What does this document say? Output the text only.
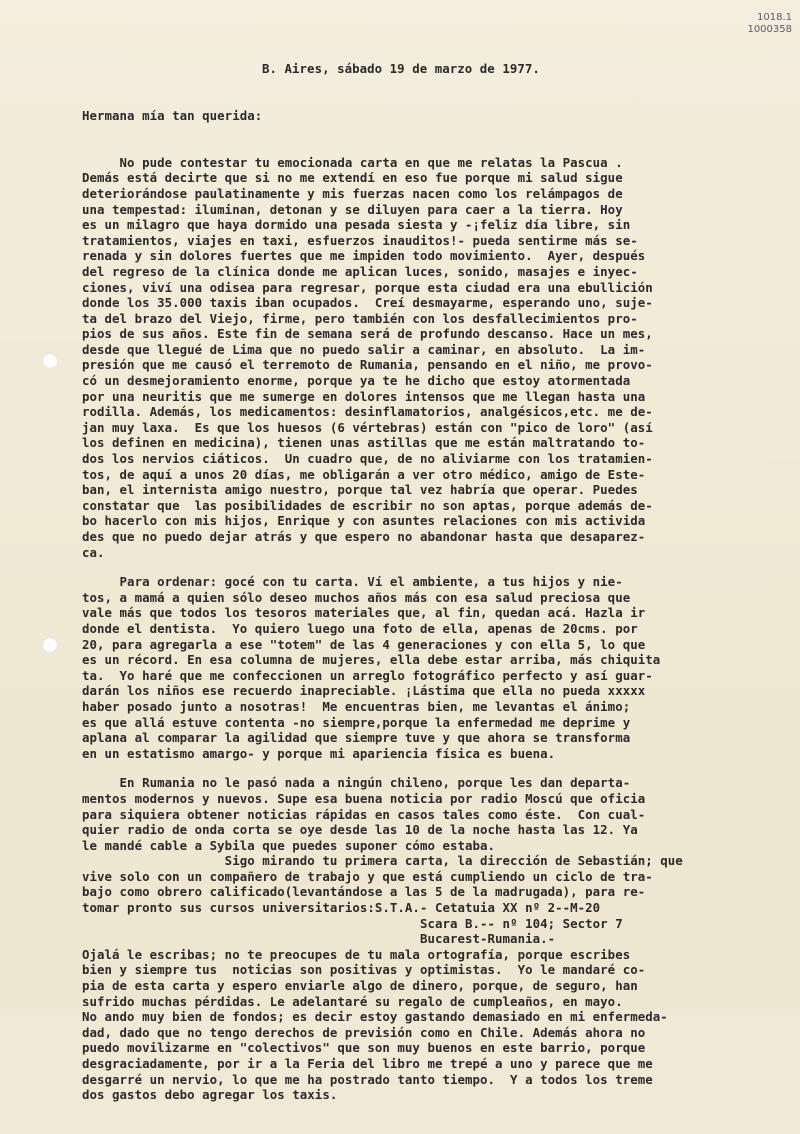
1018.1
1000358

B. Aires, sábado 19 de marzo de 1977.

Hermana mía tan querida:

No pude contestar tu emocionada carta en que me relatas la Pascua .
Demás está decirte que si no me extendí en eso fue porque mi salud sigue
deteriorándose paulatinamente y mis fuerzas nacen como los relámpagos de
una tempestad: iluminan, detonan y se diluyen para caer a la tierra. Hoy
es un milagro que haya dormido una pesada siesta y -¡feliz día libre, sin
tratamientos, viajes en taxi, esfuerzos inauditos!- pueda sentirme más se-
renada y sin dolores fuertes que me impiden todo movimiento.  Ayer, después
del regreso de la clínica donde me aplican luces, sonido, masajes e inyec-
ciones, viví una odisea para regresar, porque esta ciudad era una ebullición
donde los 35.000 taxis iban ocupados.  Creí desmayarme, esperando uno, suje-
ta del brazo del Viejo, firme, pero también con los desfallecimientos pro-
pios de sus años. Este fin de semana será de profundo descanso. Hace un mes,
desde que llegué de Lima que no puedo salir a caminar, en absoluto.  La im-
presión que me causó el terremoto de Rumania, pensando en el niño, me provo-
có un desmejoramiento enorme, porque ya te he dicho que estoy atormentada
por una neuritis que me sumerge en dolores intensos que me llegan hasta una
rodilla. Además, los medicamentos: desinflamatorios, analgésicos,etc. me de-
jan muy laxa.  Es que los huesos (6 vértebras) están con "pico de loro" (así
los definen en medicina), tienen unas astillas que me están maltratando to-
dos los nervios ciáticos.  Un cuadro que, de no aliviarme con los tratamien-
tos, de aquí a unos 20 días, me obligarán a ver otro médico, amigo de Este-
ban, el internista amigo nuestro, porque tal vez habría que operar. Puedes
constatar que  las posibilidades de escribir no son aptas, porque además de-
bo hacerlo con mis hijos, Enrique y con asuntes relaciones con mis activida
des que no puedo dejar atrás y que espero no abandonar hasta que desaparez-
ca.
Para ordenar: gocé con tu carta. Ví el ambiente, a tus hijos y nie-
tos, a mamá a quien sólo deseo muchos años más con esa salud preciosa que
vale más que todos los tesoros materiales que, al fin, quedan acá. Hazla ir
donde el dentista.  Yo quiero luego una foto de ella, apenas de 20cms. por
20, para agregarla a ese "totem" de las 4 generaciones y con ella 5, lo que
es un récord. En esa columna de mujeres, ella debe estar arriba, más chiquita
ta.  Yo haré que me confeccionen un arreglo fotográfico perfecto y así guar-
darán los niños ese recuerdo inapreciable. ¡Lástima que ella no pueda xxxxx
haber posado junto a nosotras!  Me encuentras bien, me levantas el ánimo;
es que allá estuve contenta -no siempre,porque la enfermedad me deprime y
aplana al comparar la agilidad que siempre tuve y que ahora se transforma
en un estatismo amargo- y porque mi apariencia física es buena.
En Rumania no le pasó nada a ningún chileno, porque les dan departa-
mentos modernos y nuevos. Supe esa buena noticia por radio Moscú que oficia
para siquiera obtener noticias rápidas en casos tales como éste.  Con cual-
quier radio de onda corta se oye desde las 10 de la noche hasta las 12. Ya
le mandé cable a Sybila que puedes suponer cómo estaba.
Sigo mirando tu primera carta, la dirección de Sebastián; que
vive solo con un compañero de trabajo y que está cumpliendo un ciclo de tra-
bajo como obrero calificado(levantándose a las 5 de la madrugada), para re-
tomar pronto sus cursos universitarios:S.T.A.- Cetatuia XX nº 2--M-20
Scara B.-- nº 104; Sector 7
Bucarest-Rumania.-
Ojalá le escribas; no te preocupes de tu mala ortografía, porque escribes
bien y siempre tus  noticias son positivas y optimistas.  Yo le mandaré co-
pia de esta carta y espero enviarle algo de dinero, porque, de seguro, han
sufrido muchas pérdidas. Le adelantaré su regalo de cumpleaños, en mayo.
No ando muy bien de fondos; es decir estoy gastando demasiado en mi enfermeda-
dad, dado que no tengo derechos de previsión como en Chile. Además ahora no
puedo movilizarme en "colectivos" que son muy buenos en este barrio, porque
desgraciadamente, por ir a la Feria del libro me trepé a uno y parece que me
desgarré un nervio, lo que me ha postrado tanto tiempo.  Y a todos los treme
dos gastos debo agregar los taxis.
